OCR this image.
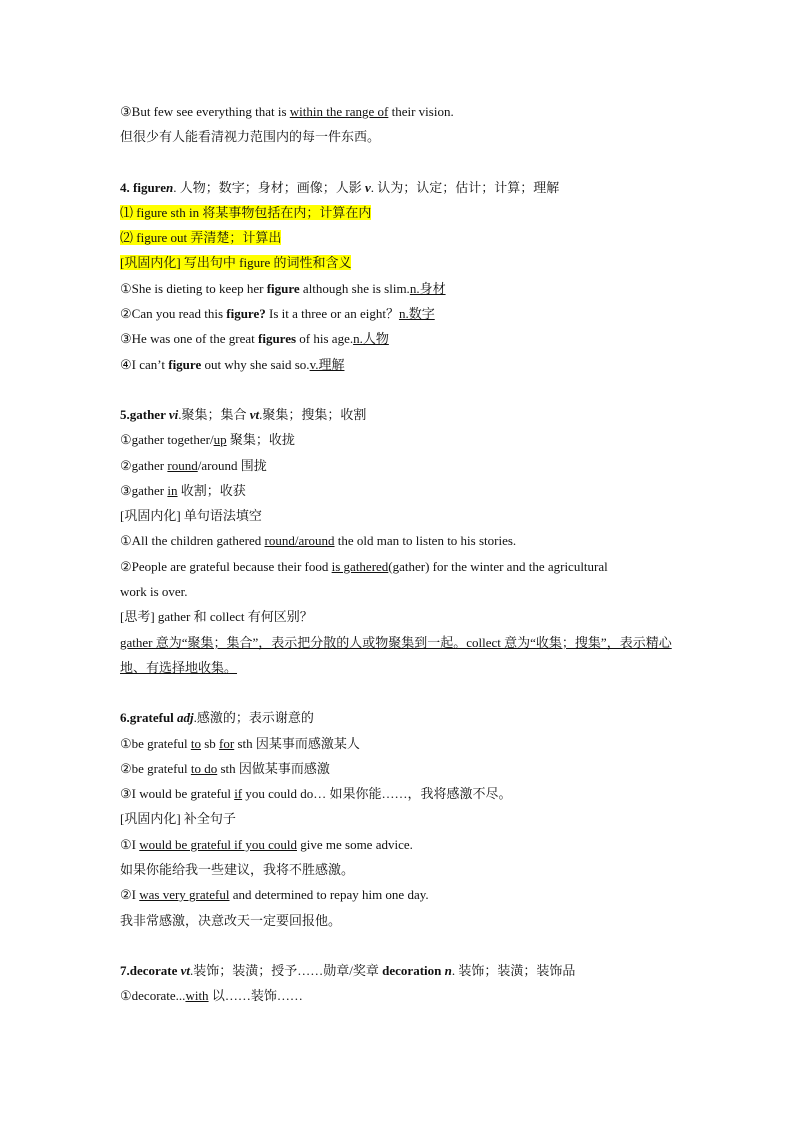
③But few see everything that is within the range of their vision.
但很少有人能看清视力范围内的每一件东西。
4. figuren. 人物；数字；身材；画像；人影 v. 认为；认定；估计；计算；理解
⑴ figure sth in 将某事物包括在内；计算在内
⑵ figure out 弄清楚；计算出
[巩固内化] 写出句中 figure 的词性和含义
①She is dieting to keep her figure although she is slim.n.身材
②Can you read this figure? Is it a three or an eight？n.数字
③He was one of the great figures of his age.n.人物
④I can’t figure out why she said so.v.理解
5.gather vi.聚集；集合 vt.聚集；搜集；收割
①gather together/up 聚集；收拢
②gather round/around 围拢
③gather in 收割；收获
[巩固内化] 单句语法填空
①All the children gathered round/around the old man to listen to his stories.
②People are grateful because their food is gathered(gather) for the winter and the agricultural
work is over.
[思考] gather 和 collect 有何区别？
gather 意为“聚集；集合”，表示把分散的人或物聚集到一起。collect 意为“收集；搜集”，表示精心地、有选择地收集。
6.grateful adj.感激的；表示谢意的
①be grateful to sb for sth 因某事而感激某人
②be grateful to do sth 因做某事而感激
③I would be grateful if you could do… 如果你能……，我将感激不尽。
[巩固内化] 补全句子
①I would be grateful if you could give me some advice.
如果你能给我一些建议，我将不胜感激。
②I was very grateful and determined to repay him one day.
我非常感激，决意改天一定要回报他。
7.decorate vt.装饰；装潢；授予……勋章/奖章 decoration n. 装饰；装潢；装饰品
①decorate...with 以……装饰……
